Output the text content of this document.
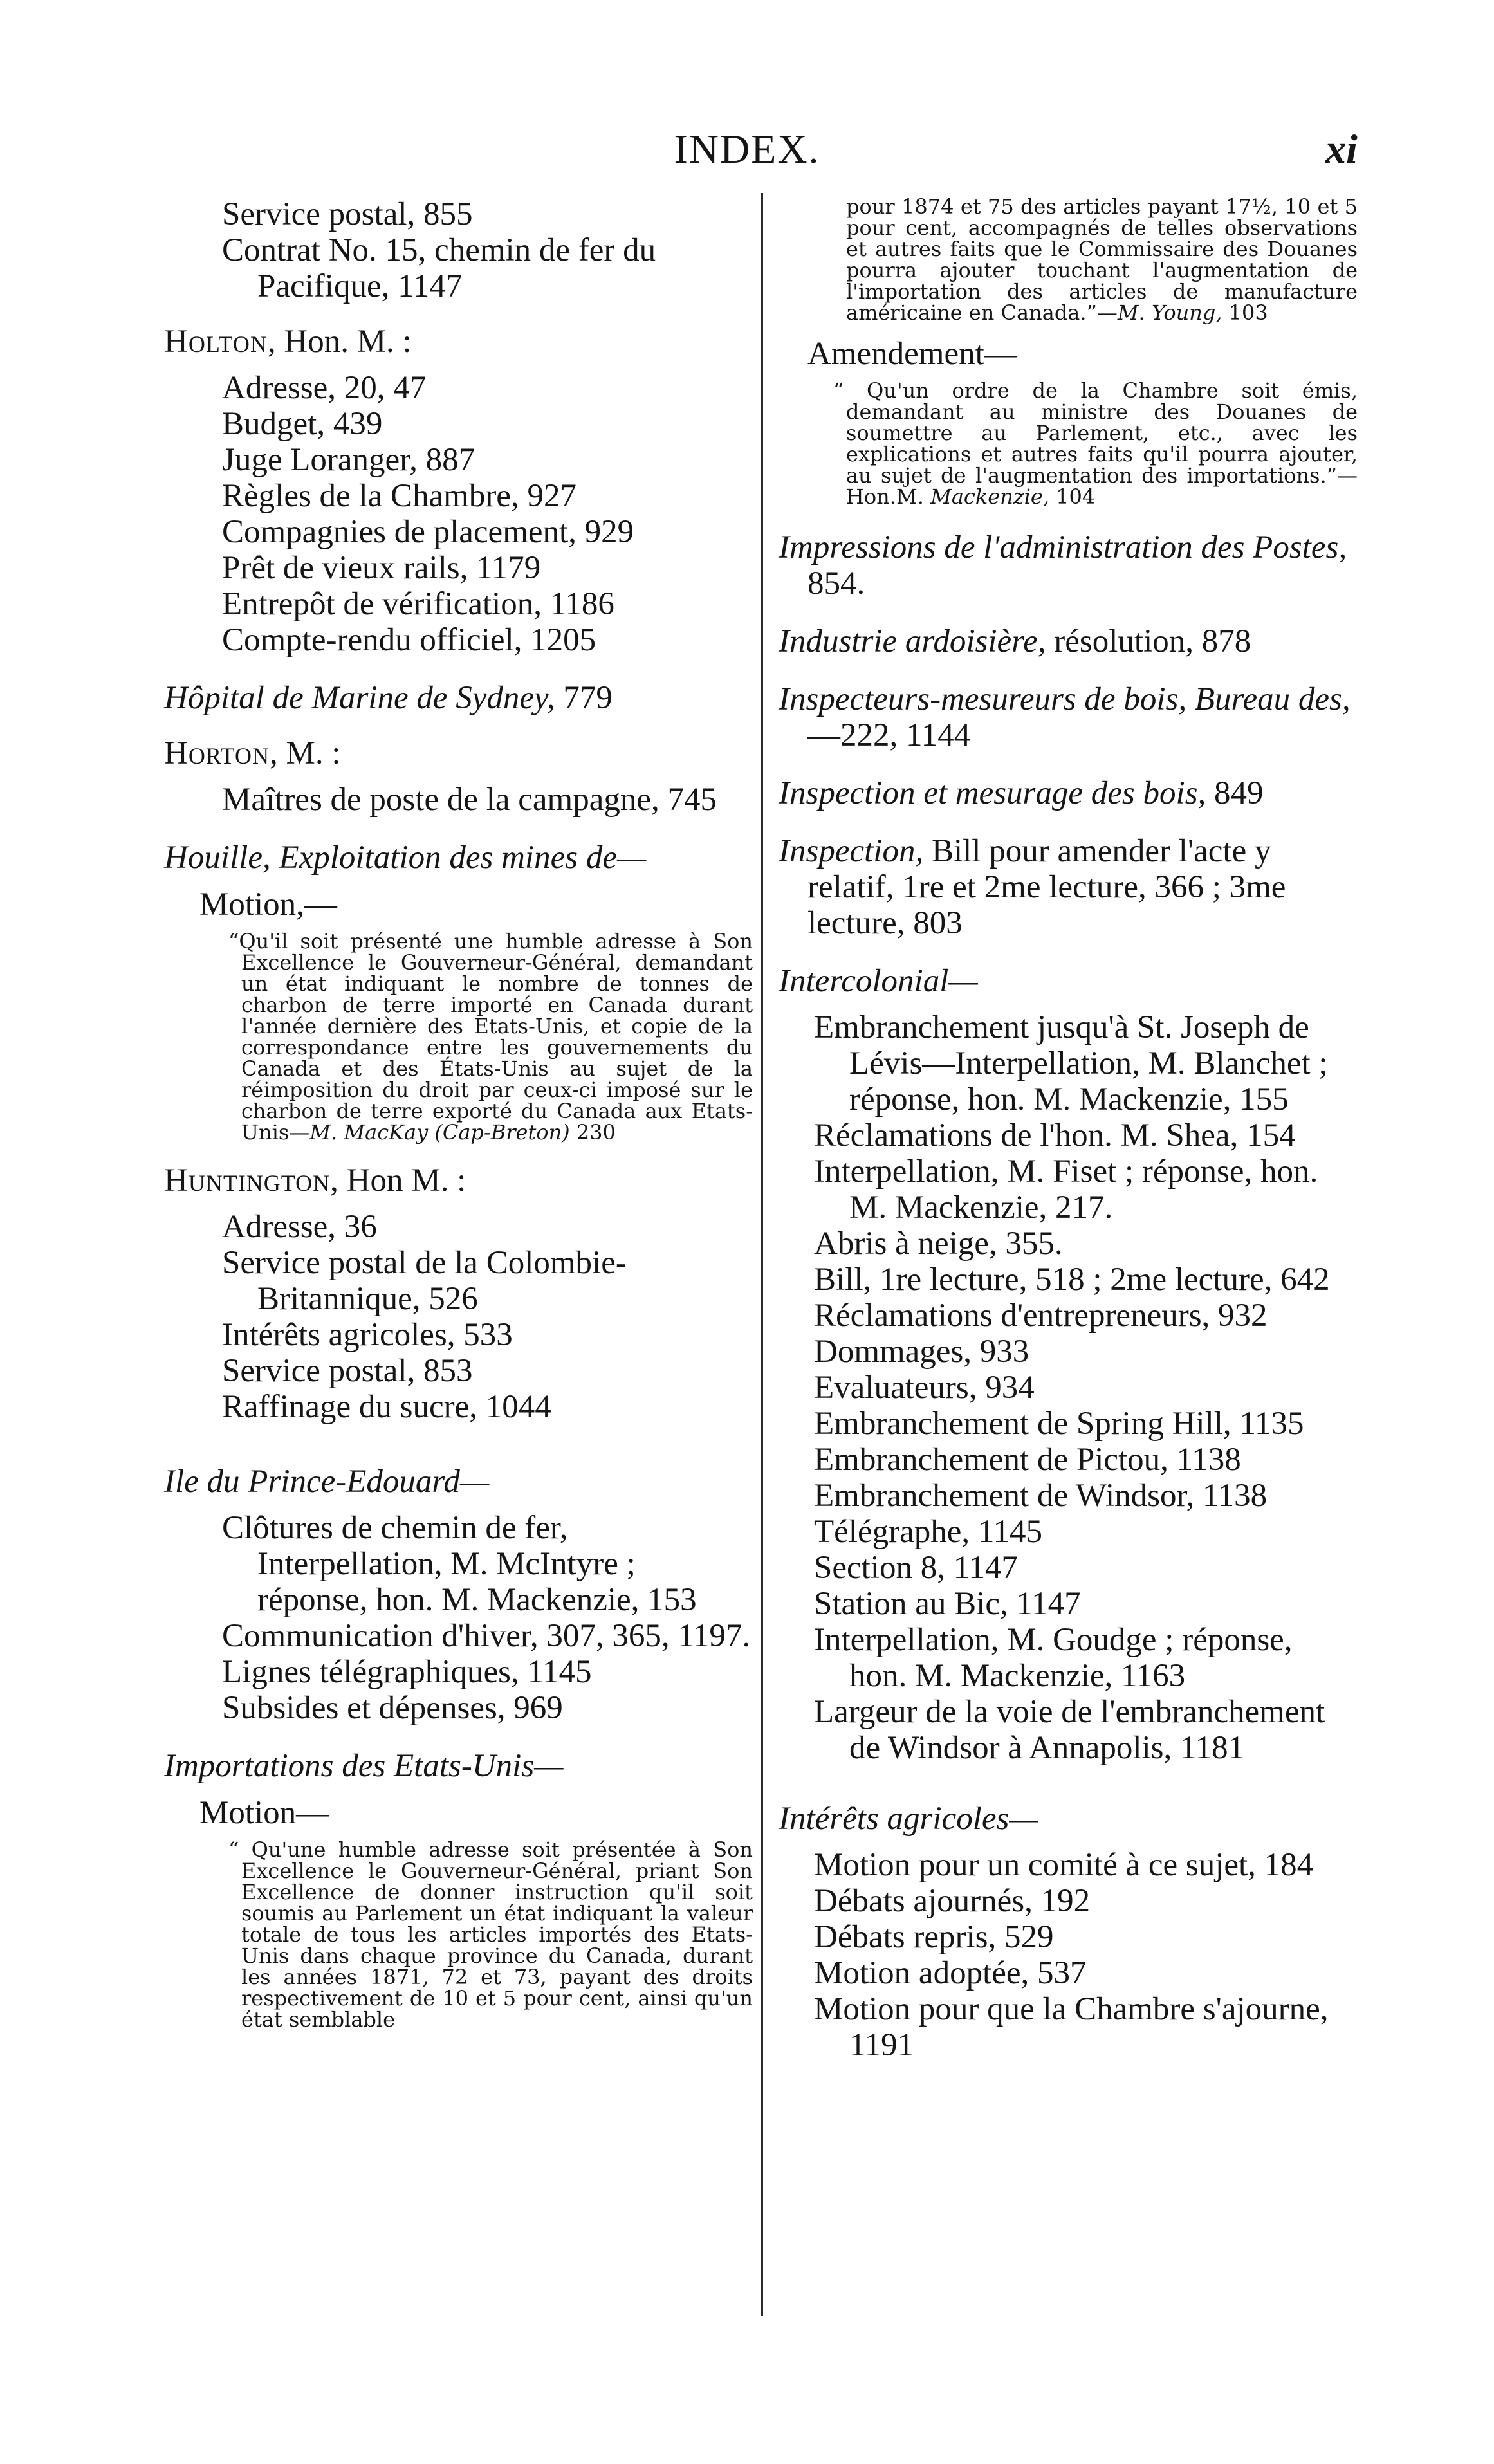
INDEX.	xi
Service postal, 855
Contrat No. 15, chemin de fer du Pacifique, 1147
Holton, Hon. M. :
Adresse, 20, 47
Budget, 439
Juge Loranger, 887
Règles de la Chambre, 927
Compagnies de placement, 929
Prêt de vieux rails, 1179
Entrepôt de vérification, 1186
Compte-rendu officiel, 1205
Hôpital de Marine de Sydney, 779
Horton, M. :
Maîtres de poste de la campagne, 745
Houille, Exploitation des mines de—
Motion,—
“Qu'il soit présenté une humble adresse à Son Excellence le Gouverneur-Général, demandant un état indiquant le nombre de tonnes de charbon de terre importé en Canada durant l'année dernière des Etats-Unis, et copie de la correspondance entre les gouvernements du Canada et des États-Unis au sujet de la réimposition du droit par ceux-ci imposé sur le charbon de terre exporté du Canada aux Etats-Unis—M. MacKay (Cap-Breton) 230
Huntington, Hon M. :
Adresse, 36
Service postal de la Colombie-Britannique, 526
Intérêts agricoles, 533
Service postal, 853
Raffinage du sucre, 1044
Ile du Prince-Edouard—
Clôtures de chemin de fer, Interpellation, M. McIntyre ; réponse, hon. M. Mackenzie, 153
Communication d'hiver, 307, 365, 1197.
Lignes télégraphiques, 1145
Subsides et dépenses, 969
Importations des Etats-Unis—
Motion—
“ Qu'une humble adresse soit présentée à Son Excellence le Gouverneur-Général, priant Son Excellence de donner instruction qu'il soit soumis au Parlement un état indiquant la valeur totale de tous les articles importés des Etats-Unis dans chaque province du Canada, durant les années 1871, 72 et 73, payant des droits respectivement de 10 et 5 pour cent, ainsi qu'un état semblable
pour 1874 et 75 des articles payant 17½, 10 et 5 pour cent, accompagnés de telles observations et autres faits que le Commissaire des Douanes pourra ajouter touchant l'augmentation de l'importation des articles de manufacture américaine en Canada.”—M. Young, 103
Amendement—
“ Qu'un ordre de la Chambre soit émis, demandant au ministre des Douanes de soumettre au Parlement, etc., avec les explications et autres faits qu'il pourra ajouter, au sujet de l'augmentation des importations.”—Hon.M. Mackenzie, 104
Impressions de l'administration des Postes, 854.
Industrie ardoisière, résolution, 878
Inspecteurs-mesureurs de bois, Bureau des,—222, 1144
Inspection et mesurage des bois, 849
Inspection, Bill pour amender l'acte y relatif, 1re et 2me lecture, 366 ; 3me lecture, 803
Intercolonial—
Embranchement jusqu'à St. Joseph de Lévis—Interpellation, M. Blanchet ; réponse, hon. M. Mackenzie, 155
Réclamations de l'hon. M. Shea, 154
Interpellation, M. Fiset ; réponse, hon. M. Mackenzie, 217.
Abris à neige, 355.
Bill, 1re lecture, 518 ; 2me lecture, 642
Réclamations d'entrepreneurs, 932
Dommages, 933
Evaluateurs, 934
Embranchement de Spring Hill, 1135
Embranchement de Pictou, 1138
Embranchement de Windsor, 1138
Télégraphe, 1145
Section 8, 1147
Station au Bic, 1147
Interpellation, M. Goudge ; réponse, hon. M. Mackenzie, 1163
Largeur de la voie de l'embranchement de Windsor à Annapolis, 1181
Intérêts agricoles—
Motion pour un comité à ce sujet, 184
Débats ajournés, 192
Débats repris, 529
Motion adoptée, 537
Motion pour que la Chambre s'ajourne, 1191
